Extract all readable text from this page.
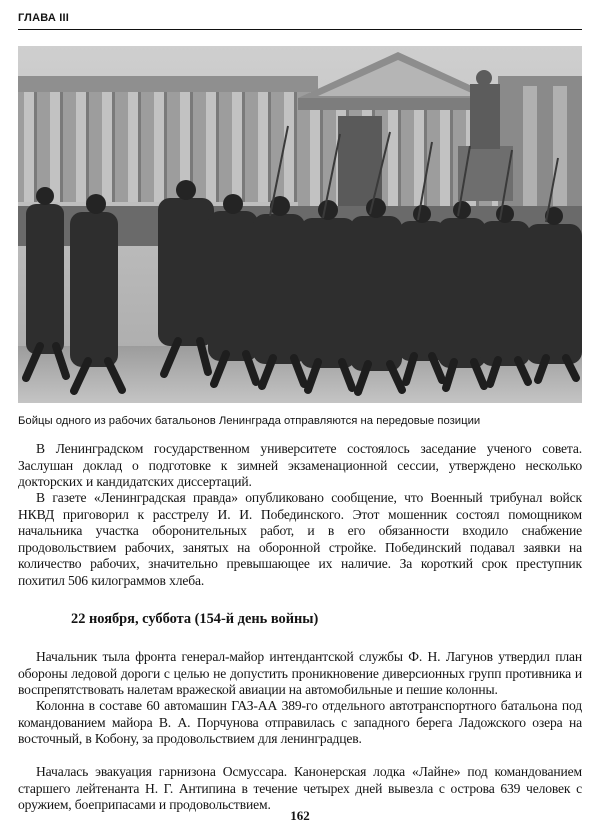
ГЛАВА III
Бойцы одного из рабочих батальонов Ленинграда отправляются на передовые позиции

В Ленинградском государственном университете состоялось заседание ученого совета. Заслушан доклад о подготовке к зимней экзаменационной сессии, утверждено несколько докторских и кандидатских диссертаций.

В газете «Ленинградская правда» опубликовано сообщение, что Военный трибунал войск НКВД приговорил к расстрелу И. И. Побединского. Этот мошенник состоял помощником начальника участка оборонительных работ, и в его обязанности входило снабжение продовольствием рабочих, занятых на оборонной стройке. Побединский подавал заявки на количество рабочих, значительно превышающее их наличие. За короткий срок преступник похитил 506 килограммов хлеба.

22 ноября, суббота (154-й день войны)

Начальник тыла фронта генерал-майор интендантской службы Ф. Н. Лагунов утвердил план обороны ледовой дороги с целью не допустить проникновение диверсионных групп противника и воспрепятствовать налетам вражеской авиации на автомобильные и пешие колонны.

Колонна в составе 60 автомашин ГАЗ-АА 389-го отдельного автотранспортного батальона под командованием майора В. А. Порчунова отправилась с западного берега Ладожского озера на восточный, в Кобону, за продовольствием для ленинградцев.

Началась эвакуация гарнизона Осмуссара. Канонерская лодка «Лайне» под командованием старшего лейтенанта Н. Г. Антипина в течение четырех дней вывезла с острова 639 человек с оружием, боеприпасами и продовольствием.

162
